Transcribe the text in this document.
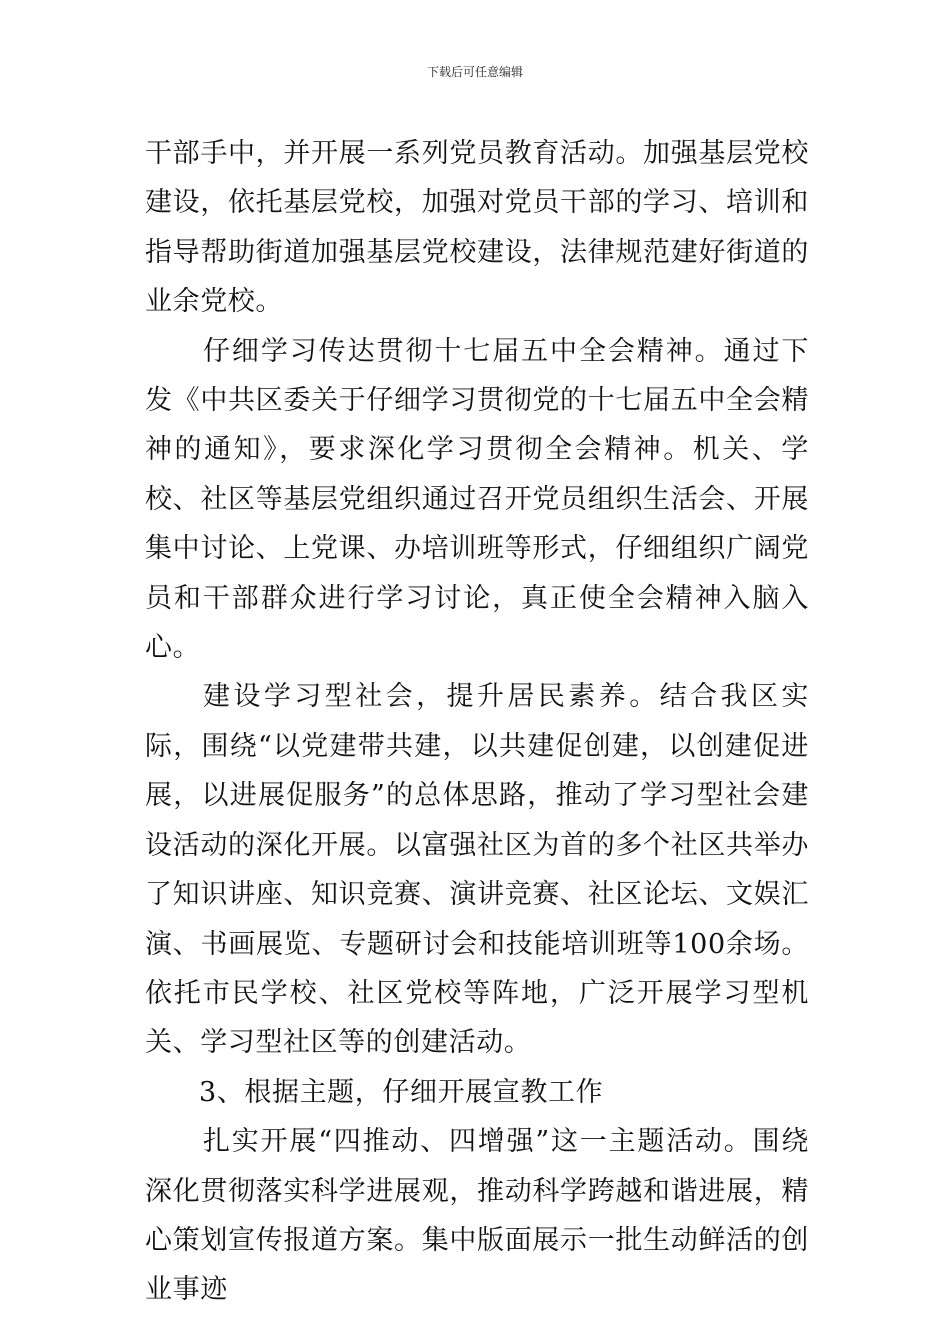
下载后可任意编辑

干部手中，并开展一系列党员教育活动。加强基层党校建设，依托基层党校，加强对党员干部的学习、培训和指导帮助街道加强基层党校建设，法律规范建好街道的业余党校。

仔细学习传达贯彻十七届五中全会精神。通过下发《中共区委关于仔细学习贯彻党的十七届五中全会精神的通知》，要求深化学习贯彻全会精神。机关、学校、社区等基层党组织通过召开党员组织生活会、开展集中讨论、上党课、办培训班等形式，仔细组织广阔党员和干部群众进行学习讨论，真正使全会精神入脑入心。

建设学习型社会，提升居民素养。结合我区实际，围绕“以党建带共建，以共建促创建，以创建促进展，以进展促服务”的总体思路，推动了学习型社会建设活动的深化开展。以富强社区为首的多个社区共举办了知识讲座、知识竞赛、演讲竞赛、社区论坛、文娱汇演、书画展览、专题研讨会和技能培训班等100余场。依托市民学校、社区党校等阵地，广泛开展学习型机关、学习型社区等的创建活动。

3、根据主题，仔细开展宣教工作

扎实开展“四推动、四增强”这一主题活动。围绕深化贯彻落实科学进展观，推动科学跨越和谐进展，精心策划宣传报道方案。集中版面展示一批生动鲜活的创业事迹
